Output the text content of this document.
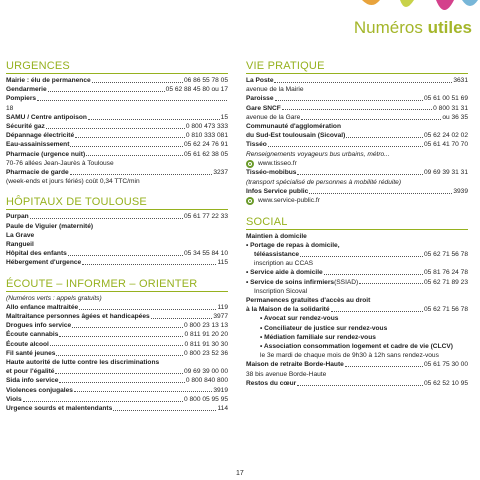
Numéros utiles
URGENCES
Mairie : élu de permanence	06 86 55 78 05
Gendarmerie	05 62 88 45 80 ou 17
Pompiers
18
SAMU / Centre antipoison	15
Sécurité gaz	0 800 473 333
Dépannage électricité	0 810 333 081
Eau-assainissement	05 62 24 76 91
Pharmacie (urgence nuit)	05 61 62 38 05
70-76 allées Jean-Jaurès à Toulouse
Pharmacie de garde	3237
(week-ends et jours fériés) coût 0,34 TTC/min
HÔPITAUX DE TOULOUSE
Purpan	05 61 77 22 33
Paule de Viguier (maternité)
La Grave
Rangueil
Hôpital des enfants	05 34 55 84 10
Hébergement d'urgence	115
ÉCOUTE – INFORMER – ORIENTER
(Numéros verts : appels gratuits)
Allo enfance maltraitée	119
Maltraitance personnes âgées et handicapées	3977
Drogues info service	0 800 23 13 13
Écoute cannabis	0 811 91 20 20
Écoute alcool	0 811 91 30 30
Fil santé jeunes	0 800 23 52 36
Haute autorité de lutte contre les discriminations
et pour l'égalité	09 69 39 00 00
Sida info service	0 800 840 800
Violences conjugales	3919
Viols	0 800 05 95 95
Urgence sourds et malentendants	114
VIE PRATIQUE
La Poste	3631
avenue de la Mairie
Paroisse	05 61 00 51 69
Gare SNCF	0 800 31 31
avenue de la Gare	ou 36 35
Communauté d'agglomération
du Sud-Est toulousain (Sicoval)	05 62 24 02 02
Tisséo	05 61 41 70 70
Renseignements voyageurs bus urbains, métro...
www.tisseo.fr
Tisséo-mobibus	09 69 39 31 31
(transport spécialisé de personnes à mobilité réduite)
Infos Service public	3939
www.service-public.fr
SOCIAL
Maintien à domicile
• Portage de repas à domicile,
téléassistance	05 62 71 56 78
inscription au CCAS
• Service aide à domicile	05 81 76 24 78
• Service de soins infirmiers (SSIAD)	05 62 71 89 23
Inscription Sicoval
Permanences gratuites d'accès au droit
à la Maison de la solidarité	05 62 71 56 78
• Avocat sur rendez-vous
• Conciliateur de justice sur rendez-vous
• Médiation familiale sur rendez-vous
• Association consommation logement et cadre de vie (CLCV)
le 3e mardi de chaque mois de 9h30 à 12h sans rendez-vous
Maison de retraite Borde-Haute	05 61 75 30 00
38 bis avenue Borde-Haute
Restos du cœur	05 62 52 10 95
17
